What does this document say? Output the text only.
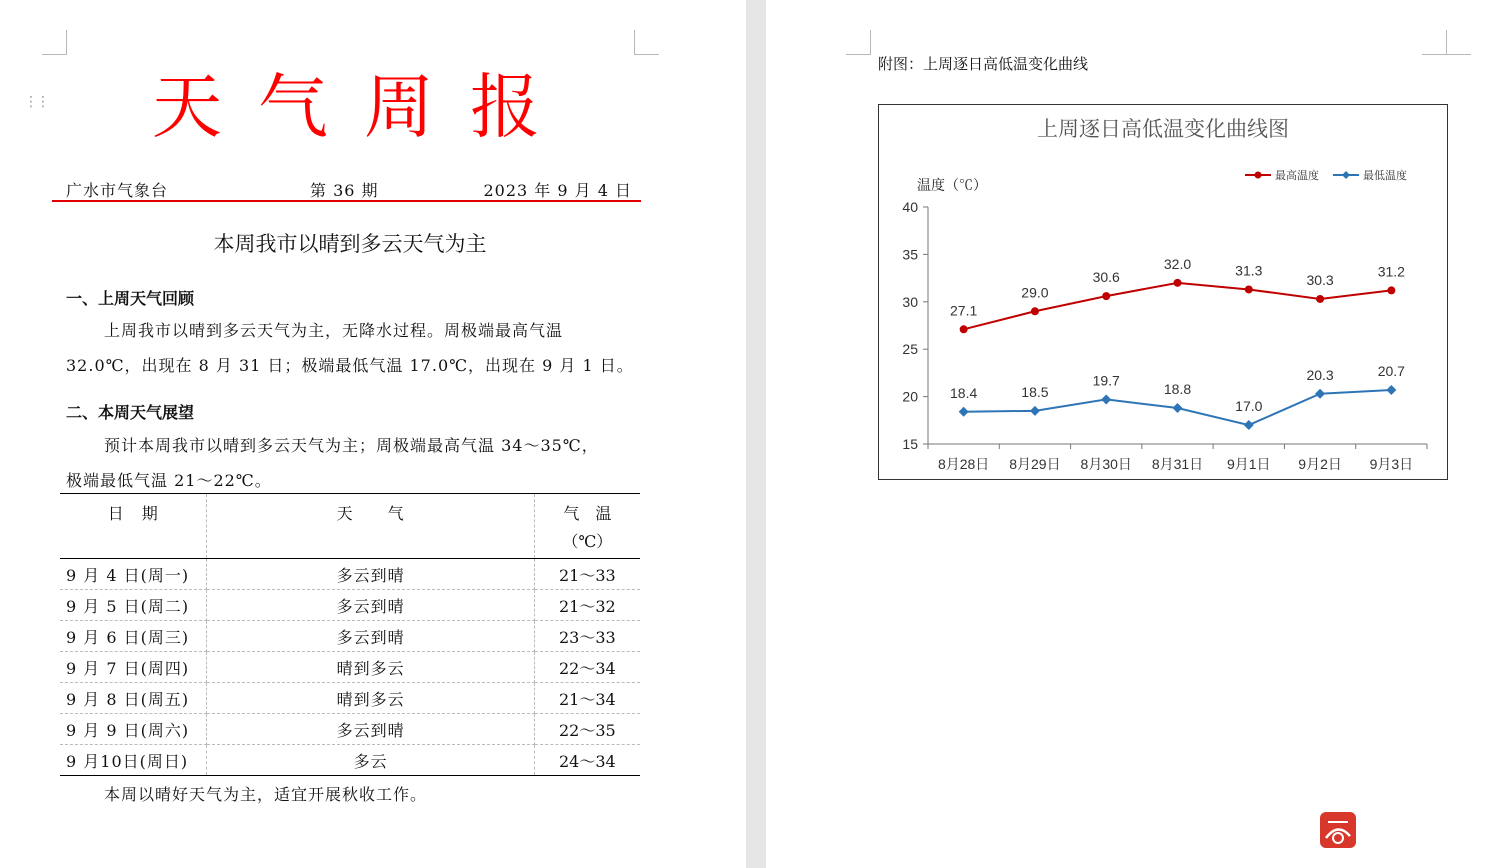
⋮⋮	天气周报
广水市气象台	第 36 期	2023 年 9 月 4 日
本周我市以晴到多云天气为主
一、上周天气回顾
上周我市以晴到多云天气为主，无降水过程。周极端最高气温
32.0℃，出现在 8 月 31 日；极端最低气温 17.0℃，出现在 9 月 1 日。
二、本周天气展望
预计本周我市以晴到多云天气为主；周极端最高气温 34～35℃，
极端最低气温 21～22℃。
日　期	天　　气	气　温
（℃）

9 月 4 日(周一)	多云到晴	21～33
9 月 5 日(周二)	多云到晴	21～32
9 月 6 日(周三)	多云到晴	23～33
9 月 7 日(周四)	晴到多云	22～34
9 月 8 日(周五)	晴到多云	21～34
9 月 9 日(周六)	多云到晴	22～35
9 月10日(周日)	多云	24～34
本周以晴好天气为主，适宜开展秋收工作。
附图：上周逐日高低温变化曲线
上周逐日高低温变化曲线图
温度（℃）
15
20
25
30
35
40
8月28日 8月29日 8月30日 8月31日 9月1日 9月2日 9月3日
27.1
29.0
30.6
32.0	31.3
30.3
31.2
18.4	18.5
19.7
18.8
17.0
20.3	20.7
最高温度	最低温度
